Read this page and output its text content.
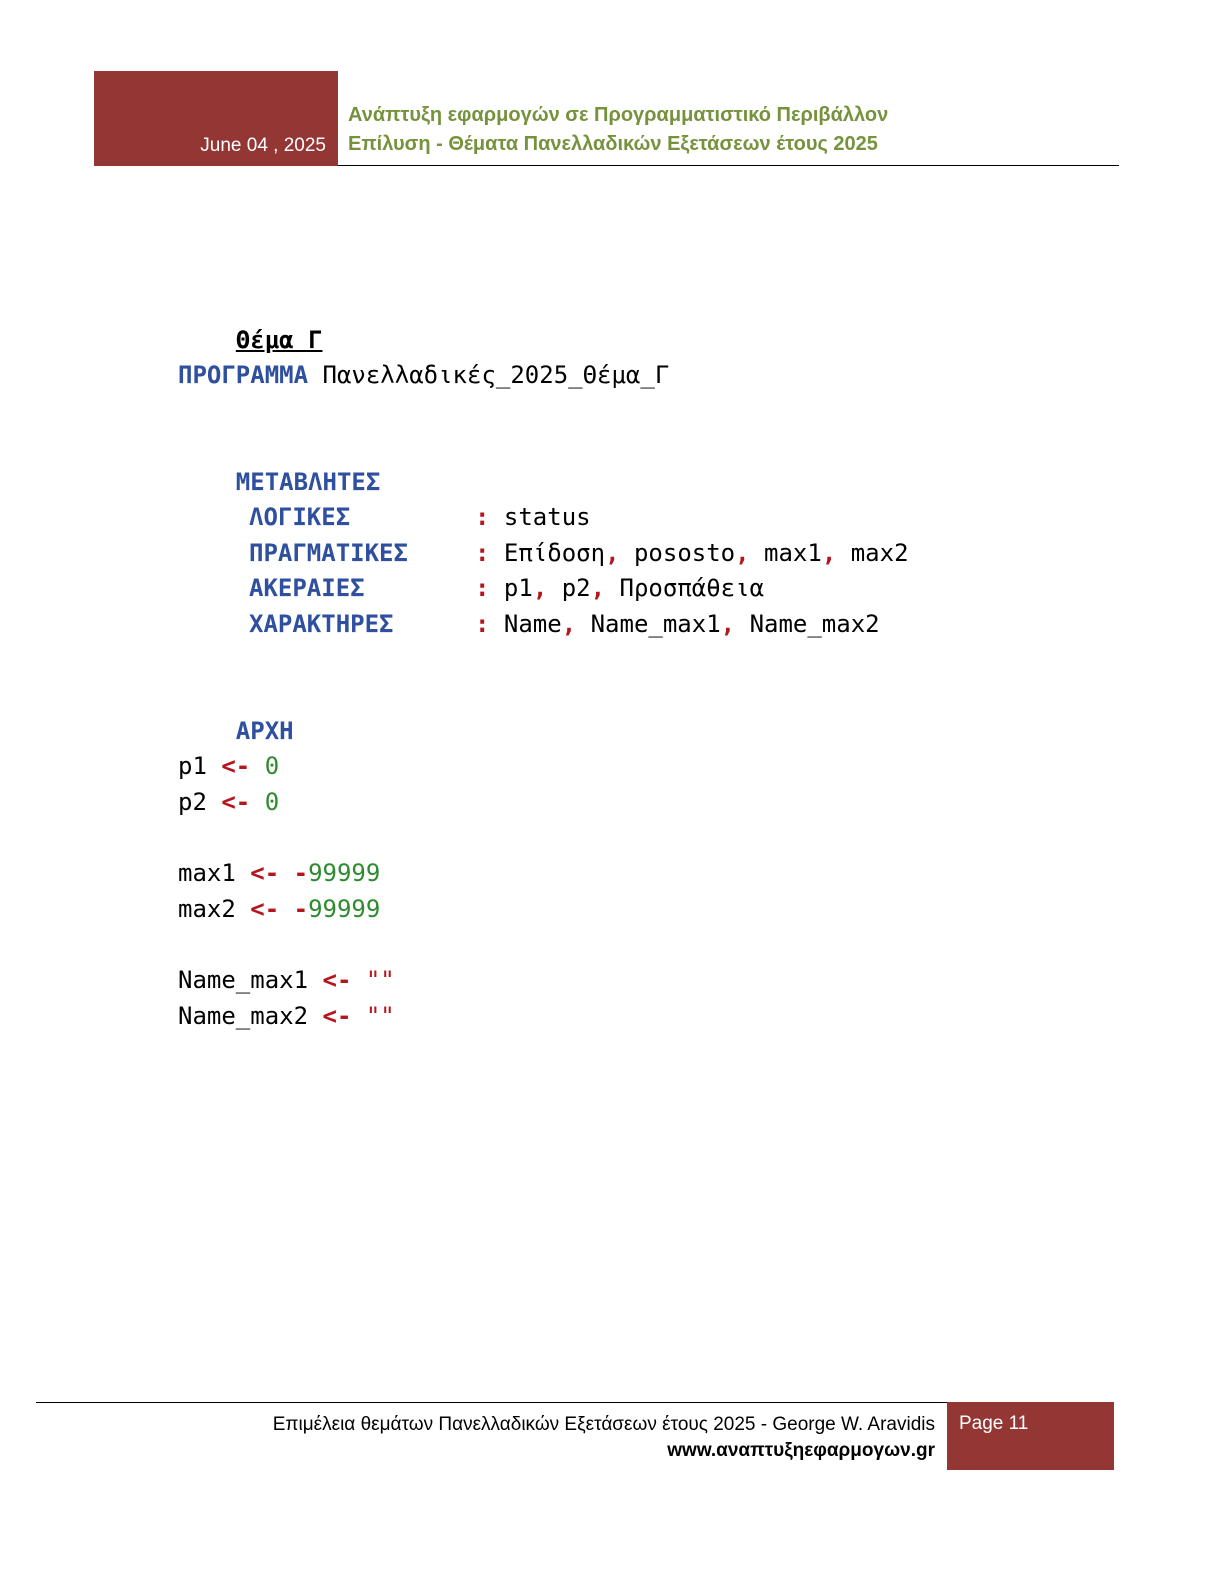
June 04 , 2025
Ανάπτυξη εφαρμογών σε Προγραμματιστικό Περιβάλλον
Επίλυση - Θέματα Πανελλαδικών Εξετάσεων έτους 2025

Θέμα Γ

ΠΡΟΓΡΑΜΜΑ Πανελλαδικές_2025_Θέμα_Γ

ΜΕΤΑΒΛΗΤΕΣ

ΛΟΓΙΚΕΣ	: status
ΠΡΑΓΜΑΤΙΚΕΣ	: Επίδοση, pososto, max1, max2
ΑΚΕΡΑΙΕΣ	: p1, p2, Προσπάθεια
ΧΑΡΑΚΤΗΡΕΣ	: Name, Name_max1, Name_max2

ΑΡΧΗ

p1 <- 0
p2 <- 0
max1 <- -99999
max2 <- -99999
Name_max1 <- ""
Name_max2 <- ""

Επιμέλεια θεμάτων Πανελλαδικών Εξετάσεων έτους 2025 - George W. Aravidis
www.αναπτυξηεφαρμογων.gr
Page 11
